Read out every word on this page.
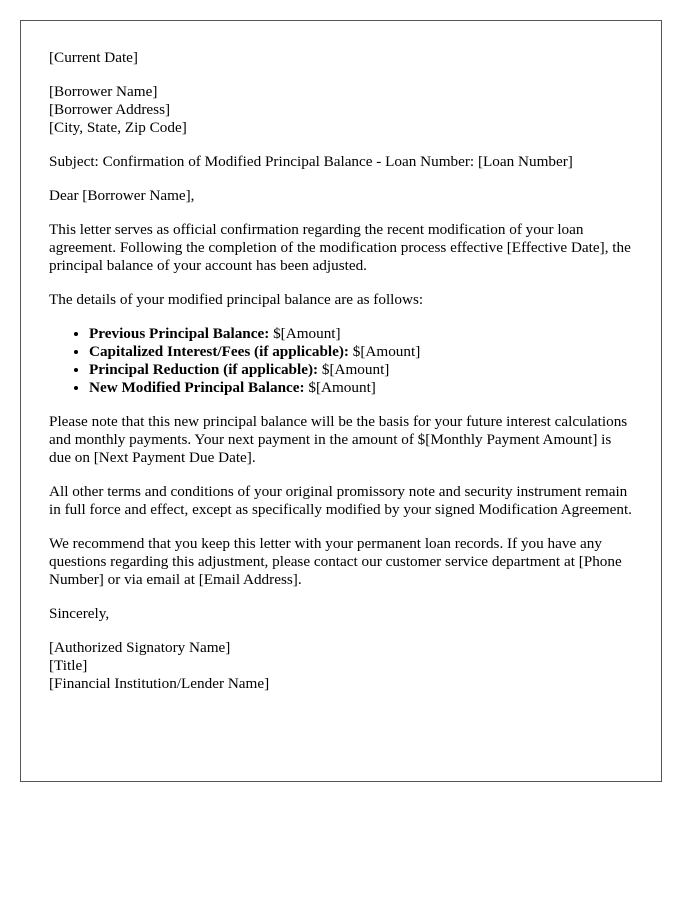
[Current Date]

[Borrower Name]
[Borrower Address]
[City, State, Zip Code]

Subject: Confirmation of Modified Principal Balance - Loan Number: [Loan Number]

Dear [Borrower Name],

This letter serves as official confirmation regarding the recent modification of your loan agreement. Following the completion of the modification process effective [Effective Date], the principal balance of your account has been adjusted.

The details of your modified principal balance are as follows:

• Previous Principal Balance: $[Amount]
• Capitalized Interest/Fees (if applicable): $[Amount]
• Principal Reduction (if applicable): $[Amount]
• New Modified Principal Balance: $[Amount]

Please note that this new principal balance will be the basis for your future interest calculations and monthly payments. Your next payment in the amount of $[Monthly Payment Amount] is due on [Next Payment Due Date].

All other terms and conditions of your original promissory note and security instrument remain in full force and effect, except as specifically modified by your signed Modification Agreement.

We recommend that you keep this letter with your permanent loan records. If you have any questions regarding this adjustment, please contact our customer service department at [Phone Number] or via email at [Email Address].

Sincerely,

[Authorized Signatory Name]
[Title]
[Financial Institution/Lender Name]
